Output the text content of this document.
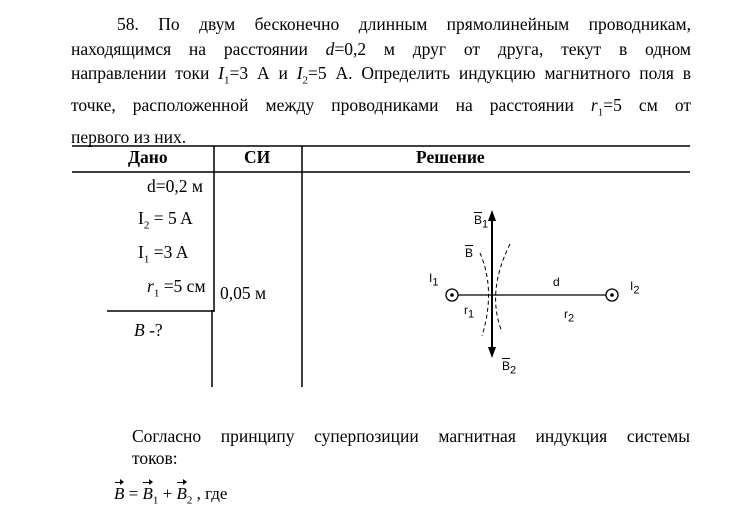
58. По двум бесконечно длинным прямолинейным проводникам,
находящимся на расстоянии d=0,2 м друг от друга, текут в одном
направлении токи $I_1=3$ А и $I_2=5$ А. Определить индукцию магнитного поля в
точке, расположенной между проводниками на расстоянии $r_1=5$ см от
первого из них.
Дано	СИ	Решение
d=0,2 м
$I_2 = 5$ A
$I_1 =3$ A
$r_1 =5$ см 0,05 м
B -?
$B_1$
B
$I_1$	d	$I_2$
$r_1$	$r_2$
$B_2$
Согласно принципу суперпозиции магнитная индукция системы
токов:
$B = B_1 + B_2$ , где
